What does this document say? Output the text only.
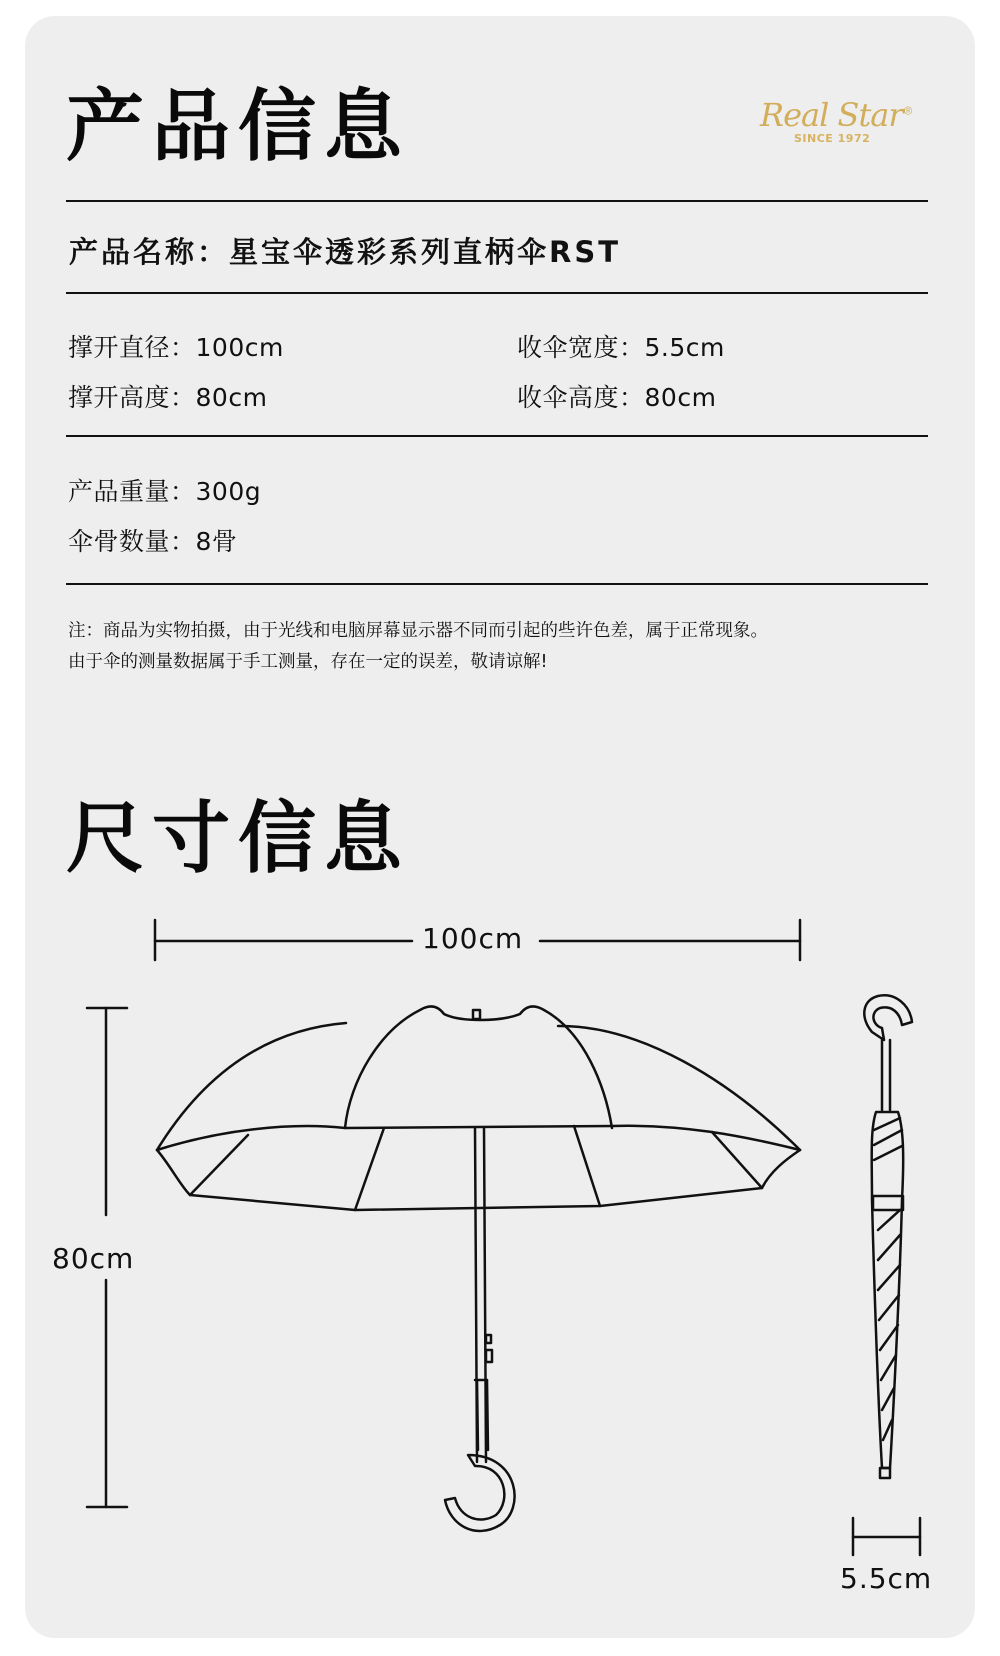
产品信息	Real Star®
SINCE 1972
产品名称：星宝伞透彩系列直柄伞RST
撑开直径：100cm	收伞宽度：5.5cm
撑开高度：80cm	收伞高度：80cm
产品重量：300g
伞骨数量：8骨
注：商品为实物拍摄，由于光线和电脑屏幕显示器不同而引起的些许色差，属于正常现象。
由于伞的测量数据属于手工测量，存在一定的误差，敬请谅解!
尺寸信息
100cm
80cm
5.5cm
